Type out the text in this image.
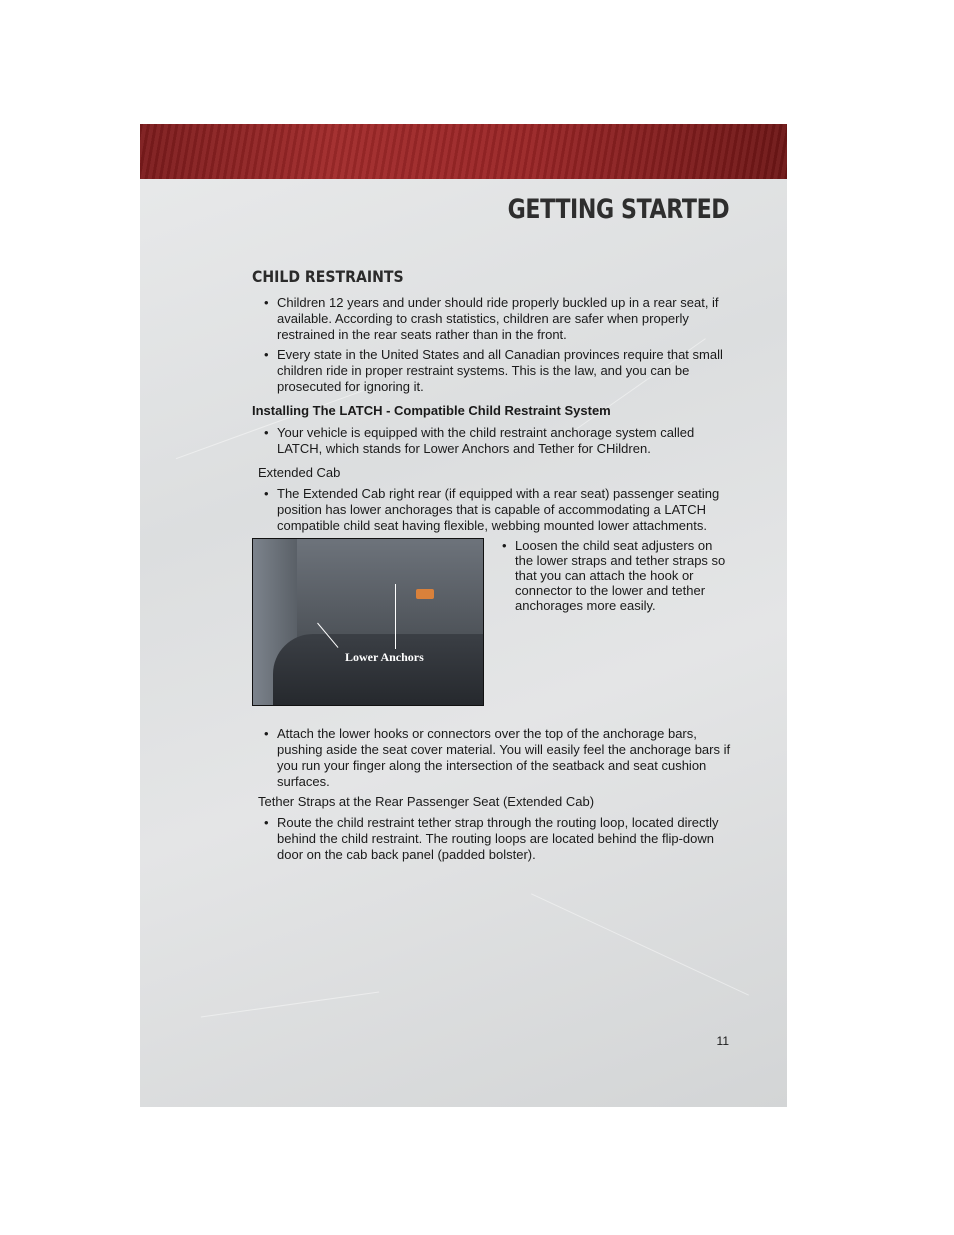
GETTING STARTED
CHILD RESTRAINTS
• Children 12 years and under should ride properly buckled up in a rear seat, if available. According to crash statistics, children are safer when properly restrained in the rear seats rather than in the front.
• Every state in the United States and all Canadian provinces require that small children ride in proper restraint systems. This is the law, and you can be prosecuted for ignoring it.
Installing The LATCH - Compatible Child Restraint System
• Your vehicle is equipped with the child restraint anchorage system called LATCH, which stands for Lower Anchors and Tether for CHildren.
Extended Cab
• The Extended Cab right rear (if equipped with a rear seat) passenger seating position has lower anchorages that is capable of accommodating a LATCH compatible child seat having flexible, webbing mounted lower attachments.
Lower Anchors
• Loosen the child seat adjusters on the lower straps and tether straps so that you can attach the hook or connector to the lower and tether anchorages more easily.
• Attach the lower hooks or connectors over the top of the anchorage bars, pushing aside the seat cover material. You will easily feel the anchorage bars if you run your finger along the intersection of the seatback and seat cushion surfaces.
Tether Straps at the Rear Passenger Seat (Extended Cab)
• Route the child restraint tether strap through the routing loop, located directly behind the child restraint. The routing loops are located behind the flip-down door on the cab back panel (padded bolster).
11
